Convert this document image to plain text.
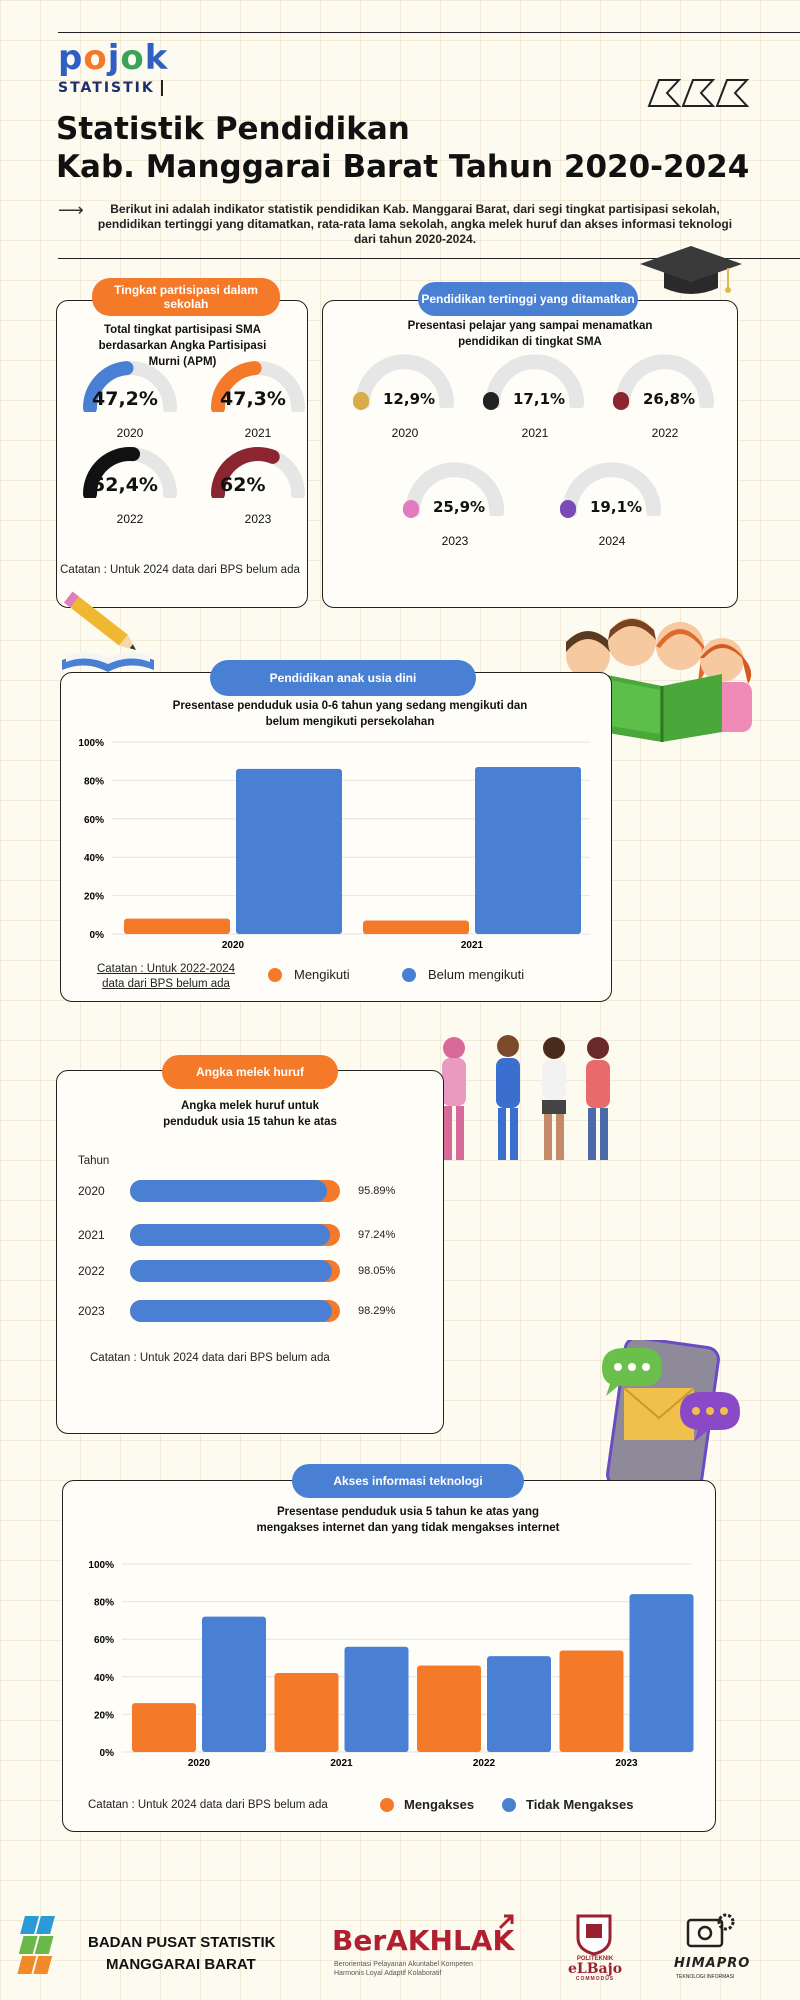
pojok
STATISTIK
Statistik Pendidikan
Kab. Manggarai Barat Tahun 2020-2024
⟶	Berikut ini adalah indikator statistik pendidikan Kab. Manggarai Barat, dari segi tingkat partisipasi sekolah, pendidikan tertinggi yang ditamatkan, rata-rata lama sekolah, angka melek huruf dan akses informasi teknologi dari tahun 2020-2024.
Tingkat partisipasi dalam sekolah
Total tingkat partisipasi SMA berdasarkan Angka Partisipasi Murni (APM)
47,2%
2020
47,3%
2021
52,4%
2022
62%
2023
Catatan : Untuk 2024 data dari BPS belum ada
Pendidikan tertinggi yang ditamatkan
Presentasi pelajar yang sampai menamatkan pendidikan di tingkat SMA
12,9%
2020
17,1%
2021
26,8%
2022
25,9%
2023
19,1%
2024
Pendidikan anak usia dini
Presentase penduduk usia 0-6 tahun yang sedang mengikuti dan belum mengikuti persekolahan
0%
20%
40%
60%
80%
100%
2020	2021
Catatan : Untuk 2022-2024 data dari BPS belum ada
Mengikuti	Belum mengikuti
Angka melek huruf
Angka melek huruf untuk penduduk usia 15 tahun ke atas
Tahun
2020	95.89%
2021	97.24%
2022	98.05%
2023	98.29%
Catatan : Untuk 2024 data dari BPS belum ada
Akses informasi teknologi
Presentase penduduk usia 5 tahun ke atas yang mengakses internet dan yang tidak mengakses internet
0%
20%
40%
60%
80%
100%
2020	2021	2022	2023
Catatan : Untuk 2024 data dari BPS belum ada	Mengakses	Tidak Mengakses
BADAN PUSAT STATISTIK
MANGGARAI BARAT
BerAKHLAK
Berorientasi Pelayanan Akuntabel Kompeten
Harmonis Loyal Adaptif Kolaboratif
POLITEKNIK
eLBajo
COMMODUS
HIMAPRO
TEKNOLOGI INFORMASI
